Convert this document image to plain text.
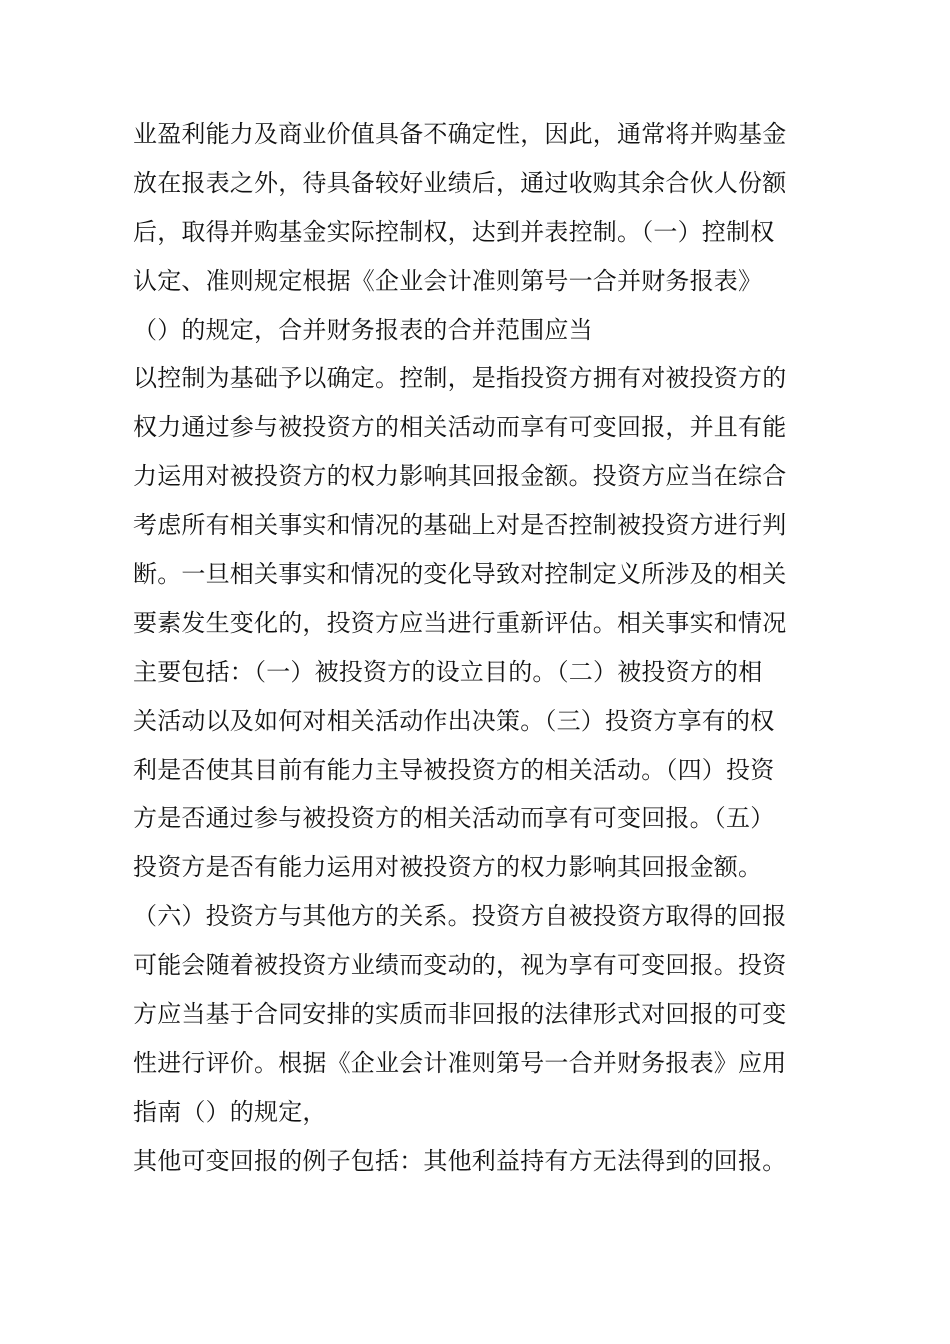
业盈利能力及商业价值具备不确定性，因此，通常将并购基金
放在报表之外，待具备较好业绩后，通过收购其余合伙人份额
后，取得并购基金实际控制权，达到并表控制。（一）控制权
认定、准则规定根据《企业会计准则第号一合并财务报表》
（）的规定，合并财务报表的合并范围应当
以控制为基础予以确定。控制，是指投资方拥有对被投资方的
权力通过参与被投资方的相关活动而享有可变回报，并且有能
力运用对被投资方的权力影响其回报金额。投资方应当在综合
考虑所有相关事实和情况的基础上对是否控制被投资方进行判
断。一旦相关事实和情况的变化导致对控制定义所涉及的相关
要素发生变化的，投资方应当进行重新评估。相关事实和情况
主要包括：（一）被投资方的设立目的。（二）被投资方的相
关活动以及如何对相关活动作出决策。（三）投资方享有的权
利是否使其目前有能力主导被投资方的相关活动。（四）投资
方是否通过参与被投资方的相关活动而享有可变回报。（五）
投资方是否有能力运用对被投资方的权力影响其回报金额。
（六）投资方与其他方的关系。投资方自被投资方取得的回报
可能会随着被投资方业绩而变动的，视为享有可变回报。投资
方应当基于合同安排的实质而非回报的法律形式对回报的可变
性进行评价。根据《企业会计准则第号一合并财务报表》应用
指南（）的规定，
其他可变回报的例子包括：其他利益持有方无法得到的回报。
